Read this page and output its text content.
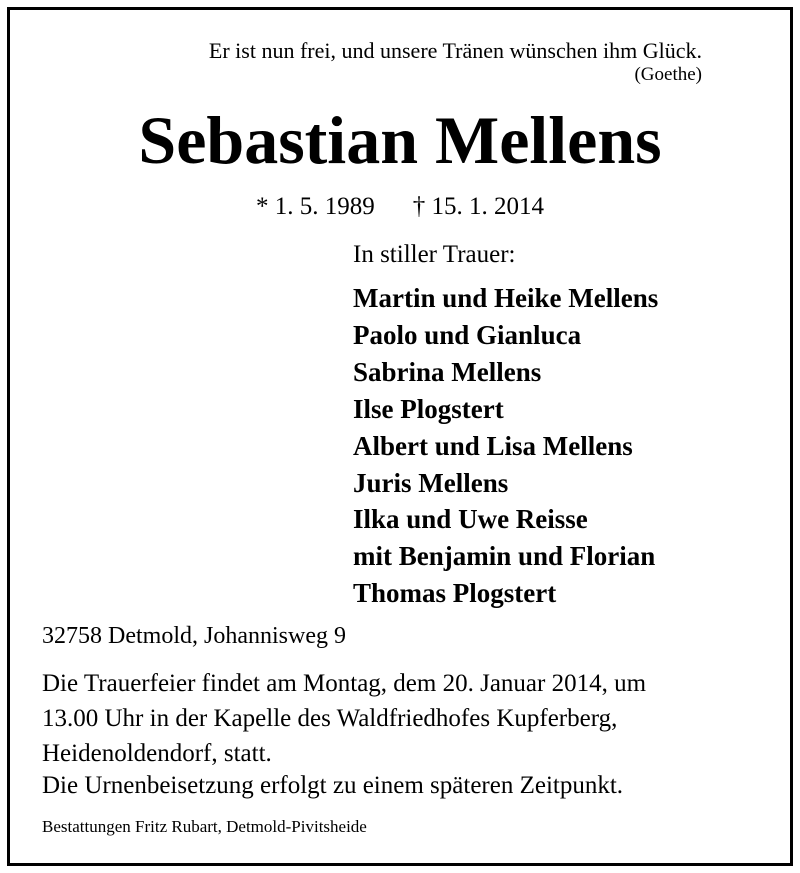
Er ist nun frei, und unsere Tränen wünschen ihm Glück.
(Goethe)
Sebastian Mellens
* 1. 5. 1989 † 15. 1. 2014
In stiller Trauer:
Martin und Heike Mellens
Paolo und Gianluca
Sabrina Mellens
Ilse Plogstert
Albert und Lisa Mellens
Juris Mellens
Ilka und Uwe Reisse
mit Benjamin und Florian
Thomas Plogstert
32758 Detmold, Johannisweg 9
Die Trauerfeier findet am Montag, dem 20. Januar 2014, um
13.00 Uhr in der Kapelle des Waldfriedhofes Kupferberg,
Heidenoldendorf, statt.
Die Urnenbeisetzung erfolgt zu einem späteren Zeitpunkt.
Bestattungen Fritz Rubart, Detmold-Pivitsheide
